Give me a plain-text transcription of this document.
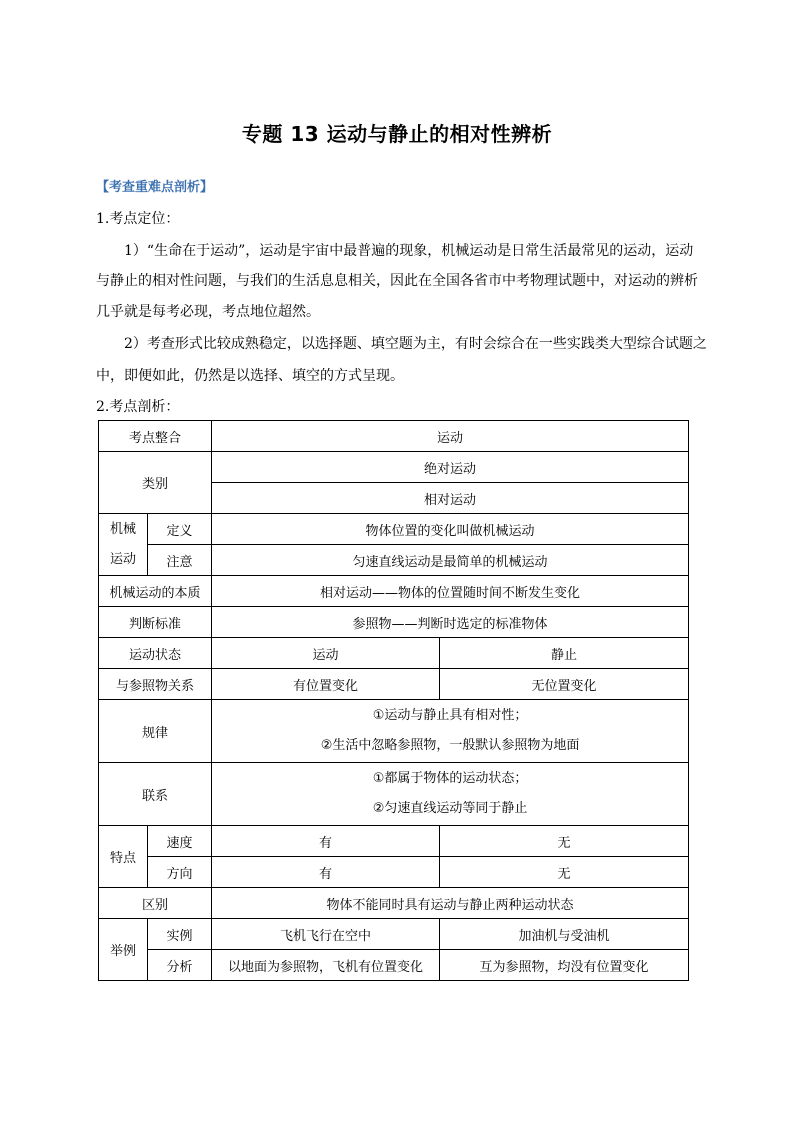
专题 13 运动与静止的相对性辨析
【考查重难点剖析】
1.考点定位：
1）“生命在于运动”，运动是宇宙中最普遍的现象，机械运动是日常生活最常见的运动，运动
与静止的相对性问题，与我们的生活息息相关，因此在全国各省市中考物理试题中，对运动的辨析
几乎就是每考必现，考点地位超然。
2）考查形式比较成熟稳定，以选择题、填空题为主，有时会综合在一些实践类大型综合试题之
中，即便如此，仍然是以选择、填空的方式呈现。
2.考点剖析：
考点整合		运动	
类别		绝对运动	
		相对运动	

机械
运动	定义	物体位置的变化叫做机械运动	
	注意	匀速直线运动是最简单的机械运动	
机械运动的本质		相对运动——物体的位置随时间不断发生变化	
判断标准		参照物——判断时选定的标准物体	
运动状态		运动	静止
与参照物关系		有位置变化	无位置变化
规律		①运动与静止具有相对性；
②生活中忽略参照物，一般默认参照物为地面	

联系		①都属于物体的运动状态；
②匀速直线运动等同于静止	

特点	速度	有	无
	方向	有	无
区别		物体不能同时具有运动与静止两种运动状态	
举例	实例	飞机飞行在空中	加油机与受油机
	分析	以地面为参照物，飞机有位置变化	互为参照物，均没有位置变化
